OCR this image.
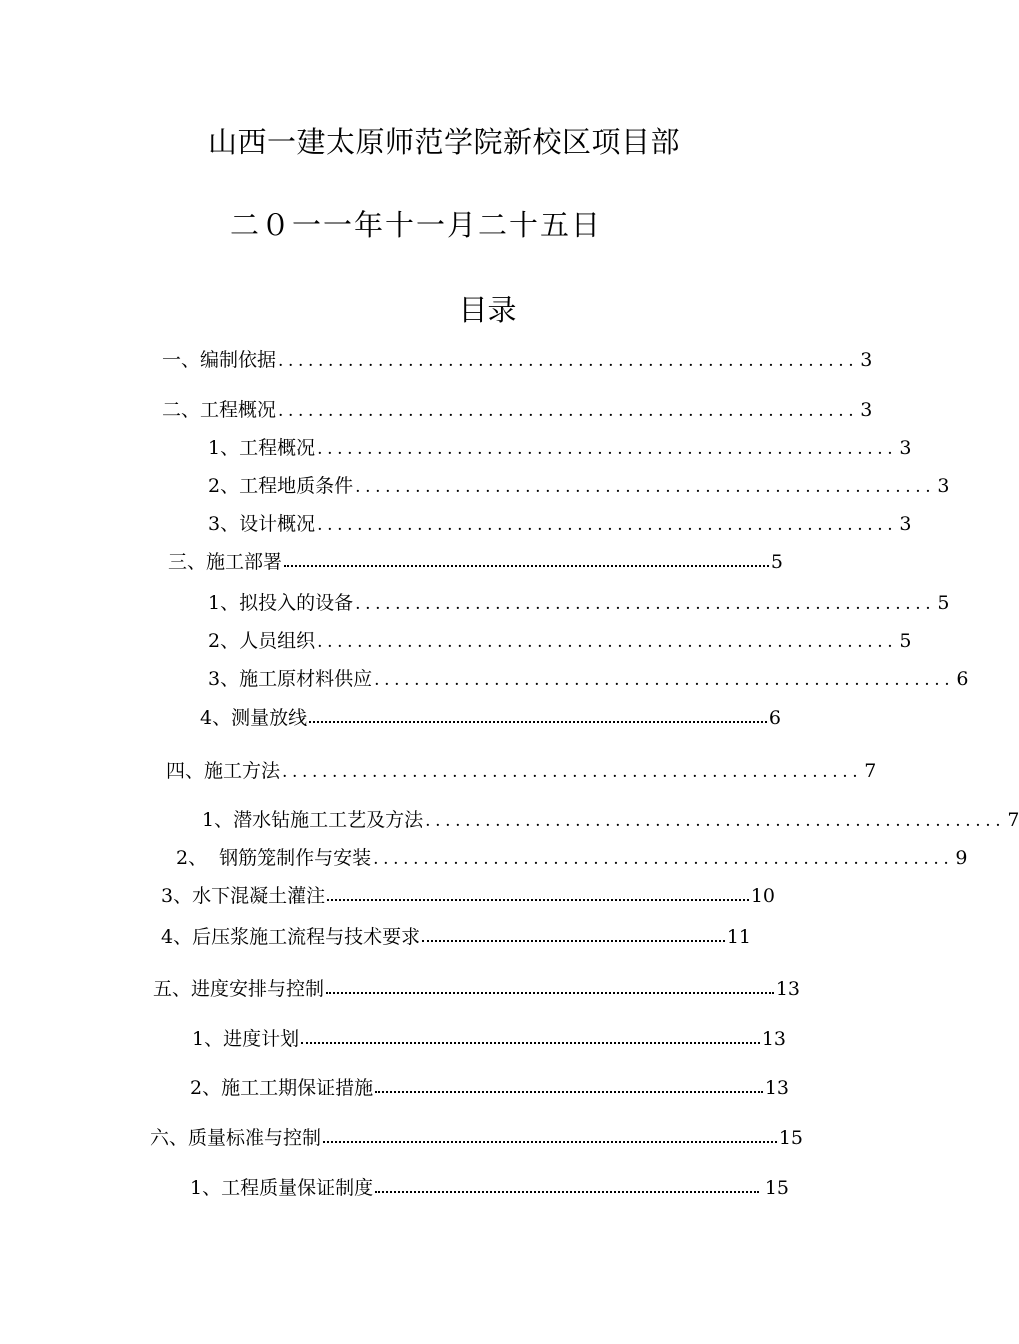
山西一建太原师范学院新校区项目部
二０一一年十一月二十五日
目录
一、编制依据 .......................................................... 3
二、工程概况 .......................................................... 3
1、工程概况 .......................................................... 3
2、工程地质条件 .......................................................... 3
3、设计概况 .......................................................... 3
三、施工部署	5
1、拟投入的设备 .......................................................... 5
2、人员组织 .......................................................... 5
3、施工原材料供应 .......................................................... 6
4、测量放线	6
四、施工方法 .......................................................... 7
1、潜水钻施工工艺及方法 .......................................................... 7
2、  钢筋笼制作与安装 .......................................................... 9
3、水下混凝土灌注	10
4、后压浆施工流程与技术要求	11
五、进度安排与控制	13
1、进度计划	13
2、施工工期保证措施	13
六、质量标准与控制	15
1、工程质量保证制度	15
